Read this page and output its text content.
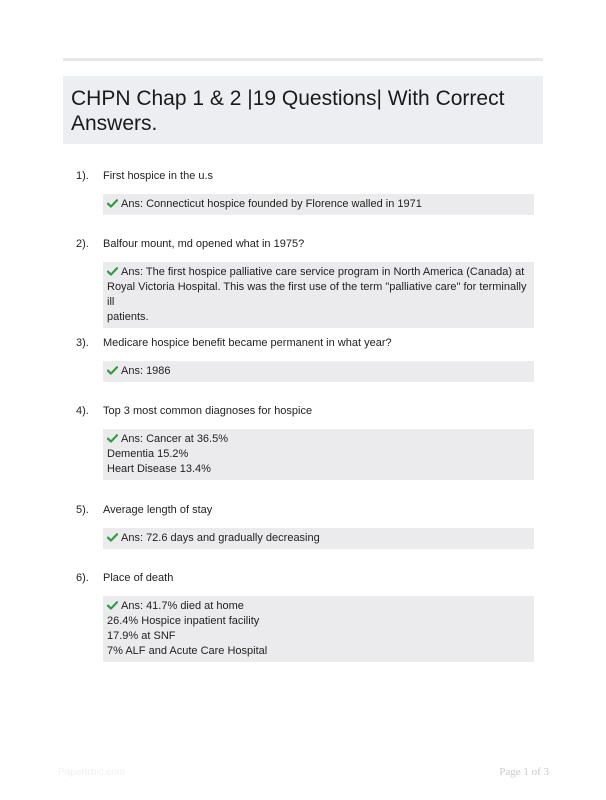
CHPN Chap 1 & 2 |19 Questions| With Correct Answers.
1). First hospice in the u.s
Ans: Connecticut hospice founded by Florence walled in 1971
2). Balfour mount, md opened what in 1975?
Ans: The first hospice palliative care service program in North America (Canada) at
Royal Victoria Hospital. This was the first use of the term "palliative care" for terminally ill
patients.
3). Medicare hospice benefit became permanent in what year?
Ans: 1986
4). Top 3 most common diagnoses for hospice
Ans: Cancer at 36.5%
Dementia 15.2%
Heart Disease 13.4%
5). Average length of stay
Ans: 72.6 days and gradually decreasing
6). Place of death
Ans: 41.7% died at home
26.4% Hospice inpatient facility
17.9% at SNF
7% ALF and Acute Care Hospital
Papertrbic.com	Page 1 of 3
